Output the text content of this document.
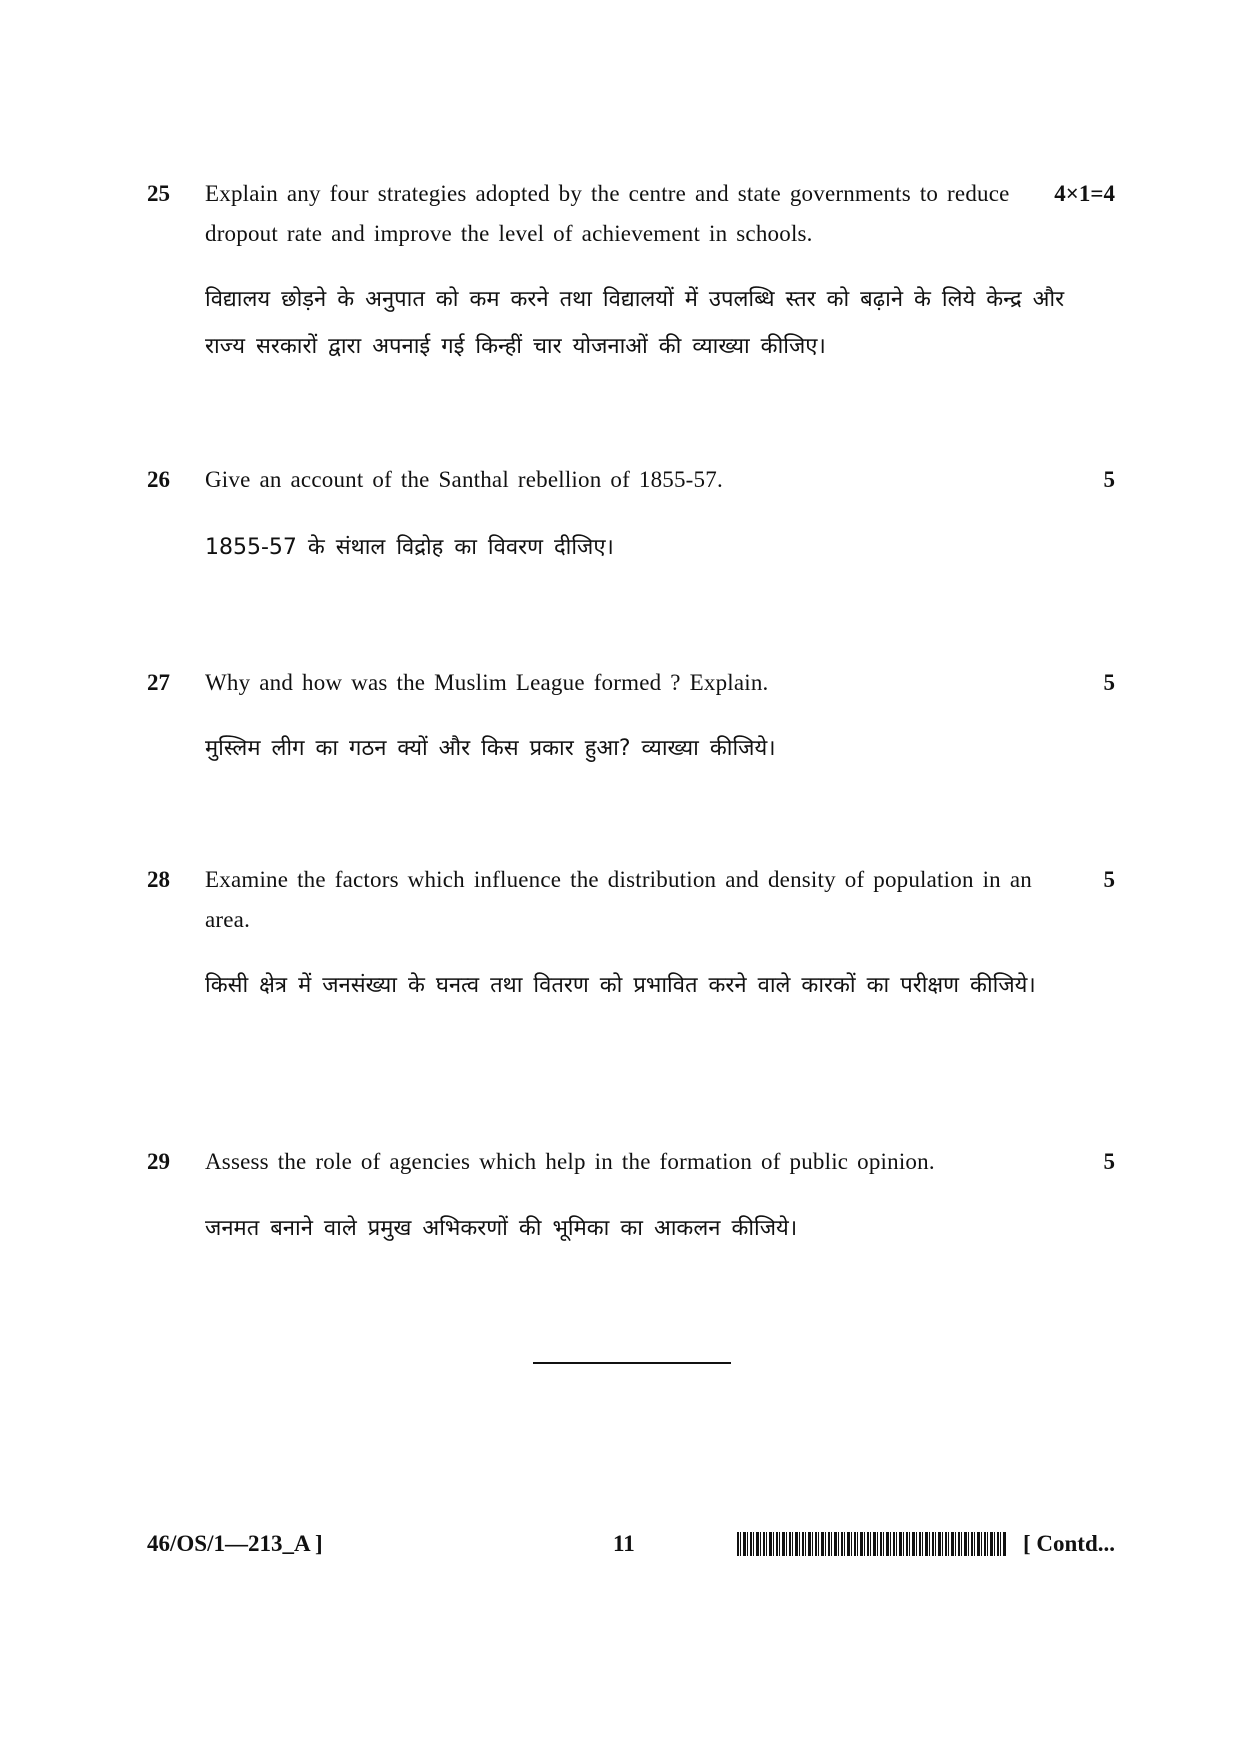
25 Explain any four strategies adopted by the centre and state governments to reduce dropout rate and improve the level of achievement in schools.
4×1=4
विद्यालय छोड़ने के अनुपात को कम करने तथा विद्यालयों में उपलब्धि स्तर को बढ़ाने के लिये केन्द्र और राज्य सरकारों द्वारा अपनाई गई किन्हीं चार योजनाओं की व्याख्या कीजिए।
26 Give an account of the Santhal rebellion of 1855-57.	5
1855-57 के संथाल विद्रोह का विवरण दीजिए।
27 Why and how was the Muslim League formed ? Explain.	5
मुस्लिम लीग का गठन क्यों और किस प्रकार हुआ? व्याख्या कीजिये।
28 Examine the factors which influence the distribution and density of population in an area.
5
किसी क्षेत्र में जनसंख्या के घनत्व तथा वितरण को प्रभावित करने वाले कारकों का परीक्षण कीजिये।
29 Assess the role of agencies which help in the formation of public opinion.	5
जनमत बनाने वाले प्रमुख अभिकरणों की भूमिका का आकलन कीजिये।
46/OS/1—213_A ]	11	[ Contd...
